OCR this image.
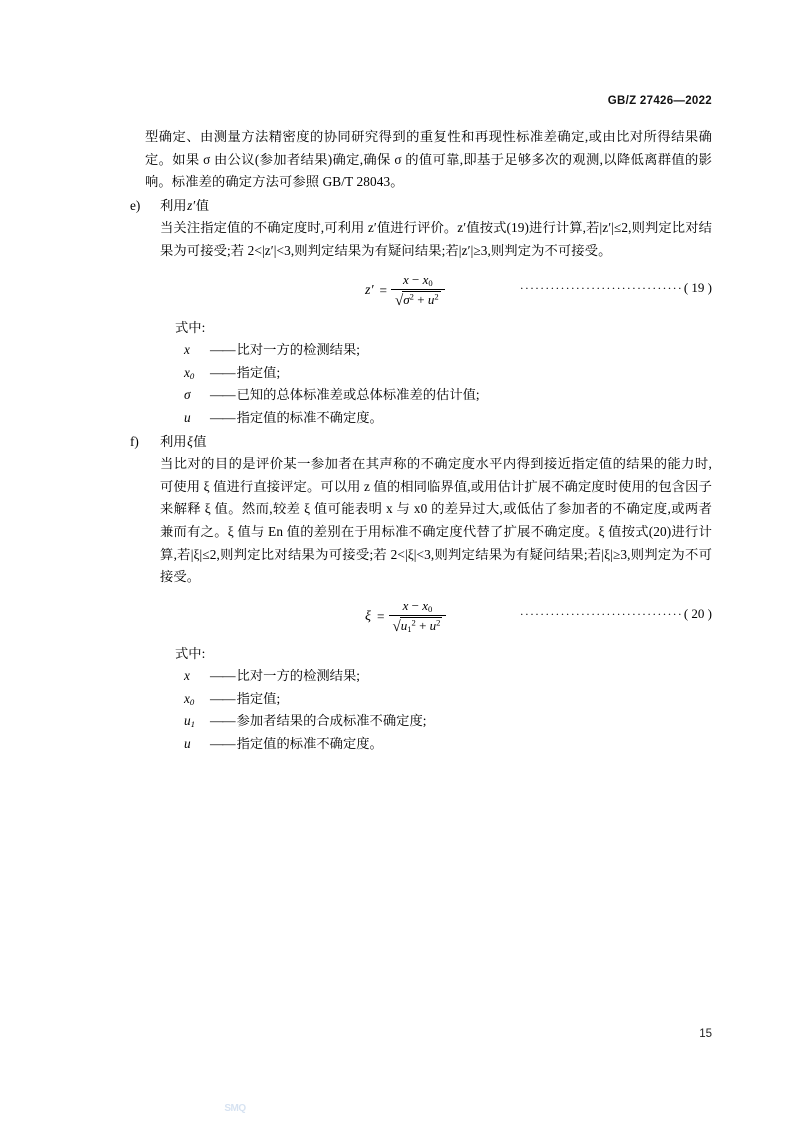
GB/Z 27426—2022

型确定、由测量方法精密度的协同研究得到的重复性和再现性标准差确定,或由比对所得结果确定。如果 σ 由公议(参加者结果)确定,确保 σ 的值可靠,即基于足够多次的观测,以降低离群值的影响。标准差的确定方法可参照 GB/T 28043。

e)	利用z′值

当关注指定值的不确定度时,可利用 z′值进行评价。z′值按式(19)进行计算,若|z′|≤2,则判定比对结果为可接受;若 2<|z′|<3,则判定结果为有疑问结果;若|z′|≥3,则判定为不可接受。

$z' = \frac{x - x_0}{√ \sigma^2 + u^2}$	································ ( 19 )
式中:
x	—— 比对一方的检测结果;
$x_0$	—— 指定值;
σ	—— 已知的总体标准差或总体标准差的估计值;
u	—— 指定值的标准不确定度。
f)	利用ξ值

当比对的目的是评价某一参加者在其声称的不确定度水平内得到接近指定值的结果的能力时,可使用 ξ 值进行直接评定。可以用 z 值的相同临界值,或用估计扩展不确定度时使用的包含因子来解释 ξ 值。然而,较差 ξ 值可能表明 x 与 x0 的差异过大,或低估了参加者的不确定度,或两者兼而有之。ξ 值与 En 值的差别在于用标准不确定度代替了扩展不确定度。ξ 值按式(20)进行计算,若|ξ|≤2,则判定比对结果为可接受;若 2<|ξ|<3,则判定结果为有疑问结果;若|ξ|≥3,则判定为不可接受。

$\xi = \frac{x - x_0}{√ u_1^2 + u^2}$	································ ( 20 )
式中:
x	—— 比对一方的检测结果;
$x_0$	—— 指定值;
$u_1$	—— 参加者结果的合成标准不确定度;
u	—— 指定值的标准不确定度。
15
SMQ
